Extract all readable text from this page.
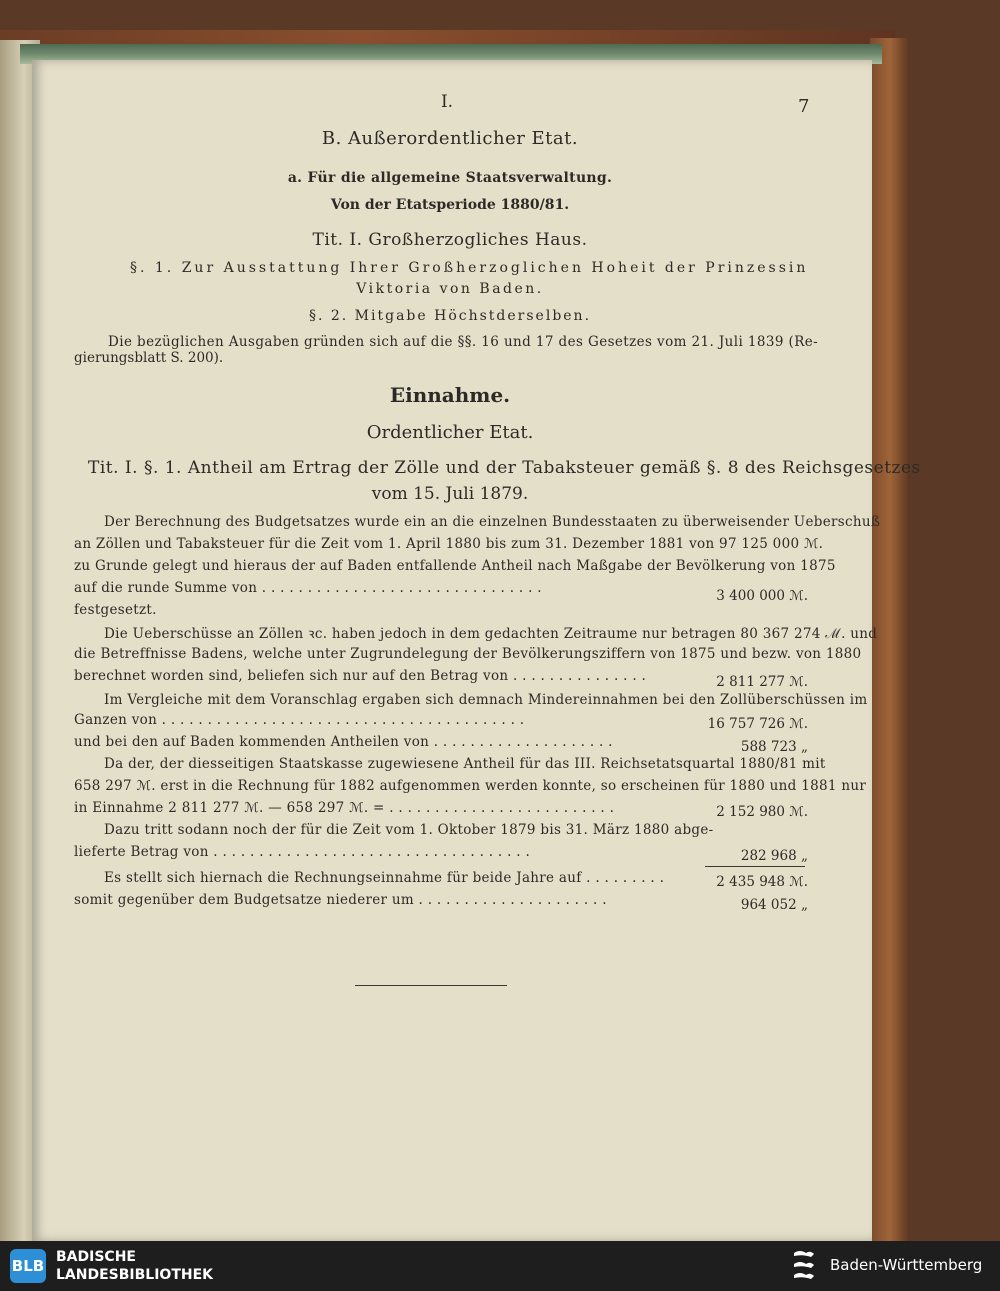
I.	7
B. Außerordentlicher Etat.
a. Für die allgemeine Staatsverwaltung.
Von der Etatsperiode 1880/81.
Tit. I. Großherzogliches Haus.
§. 1. Zur Ausstattung Ihrer Großherzoglichen Hoheit der Prinzessin
Viktoria von Baden.
§. 2. Mitgabe Höchstderselben.
Die bezüglichen Ausgaben gründen sich auf die §§. 16 und 17 des Gesetzes vom 21. Juli 1839 (Re-
gierungsblatt S. 200).
Einnahme.
Ordentlicher Etat.
Tit. I. §. 1. Antheil am Ertrag der Zölle und der Tabaksteuer gemäß §. 8 des Reichsgesetzes
vom 15. Juli 1879.
Der Berechnung des Budgetsatzes wurde ein an die einzelnen Bundesstaaten zu überweisender Ueberschuß
an Zöllen und Tabaksteuer für die Zeit vom 1. April 1880 bis zum 31. Dezember 1881 von 97 125 000 ℳ.
zu Grunde gelegt und hieraus der auf Baden entfallende Antheil nach Maßgabe der Bevölkerung von 1875
auf die runde Summe von . . . . . . . . . . . . . . . . . . . . . . . . . . . . . . .	3 400 000 ℳ.
festgesetzt.
Die Ueberschüsse an Zöllen ꝛc. haben jedoch in dem gedachten Zeitraume nur betragen 80 367 274 ℳ. und
die Betreffnisse Badens, welche unter Zugrundelegung der Bevölkerungsziffern von 1875 und bezw. von 1880
berechnet worden sind, beliefen sich nur auf den Betrag von . . . . . . . . . . . . . . .	2 811 277 ℳ.
Im Vergleiche mit dem Voranschlag ergaben sich demnach Mindereinnahmen bei den Zollüberschüssen im
Ganzen von . . . . . . . . . . . . . . . . . . . . . . . . . . . . . . . . . . . . . . . .	16 757 726 ℳ.
und bei den auf Baden kommenden Antheilen von . . . . . . . . . . . . . . . . . . . .	588 723 „
Da der, der diesseitigen Staatskasse zugewiesene Antheil für das III. Reichsetatsquartal 1880/81 mit
658 297 ℳ. erst in die Rechnung für 1882 aufgenommen werden konnte, so erscheinen für 1880 und 1881 nur
in Einnahme 2 811 277 ℳ. — 658 297 ℳ. = . . . . . . . . . . . . . . . . . . . . . . . . .	2 152 980 ℳ.
Dazu tritt sodann noch der für die Zeit vom 1. Oktober 1879 bis 31. März 1880 abge-
lieferte Betrag von . . . . . . . . . . . . . . . . . . . . . . . . . . . . . . . . . . .	282 968 „
Es stellt sich hiernach die Rechnungseinnahme für beide Jahre auf . . . . . . . . .	2 435 948 ℳ.
somit gegenüber dem Budgetsatze niederer um . . . . . . . . . . . . . . . . . . . . .	964 052 „
BLB BADISCHE
LANDESBIBLIOTHEK
Baden-Württemberg
